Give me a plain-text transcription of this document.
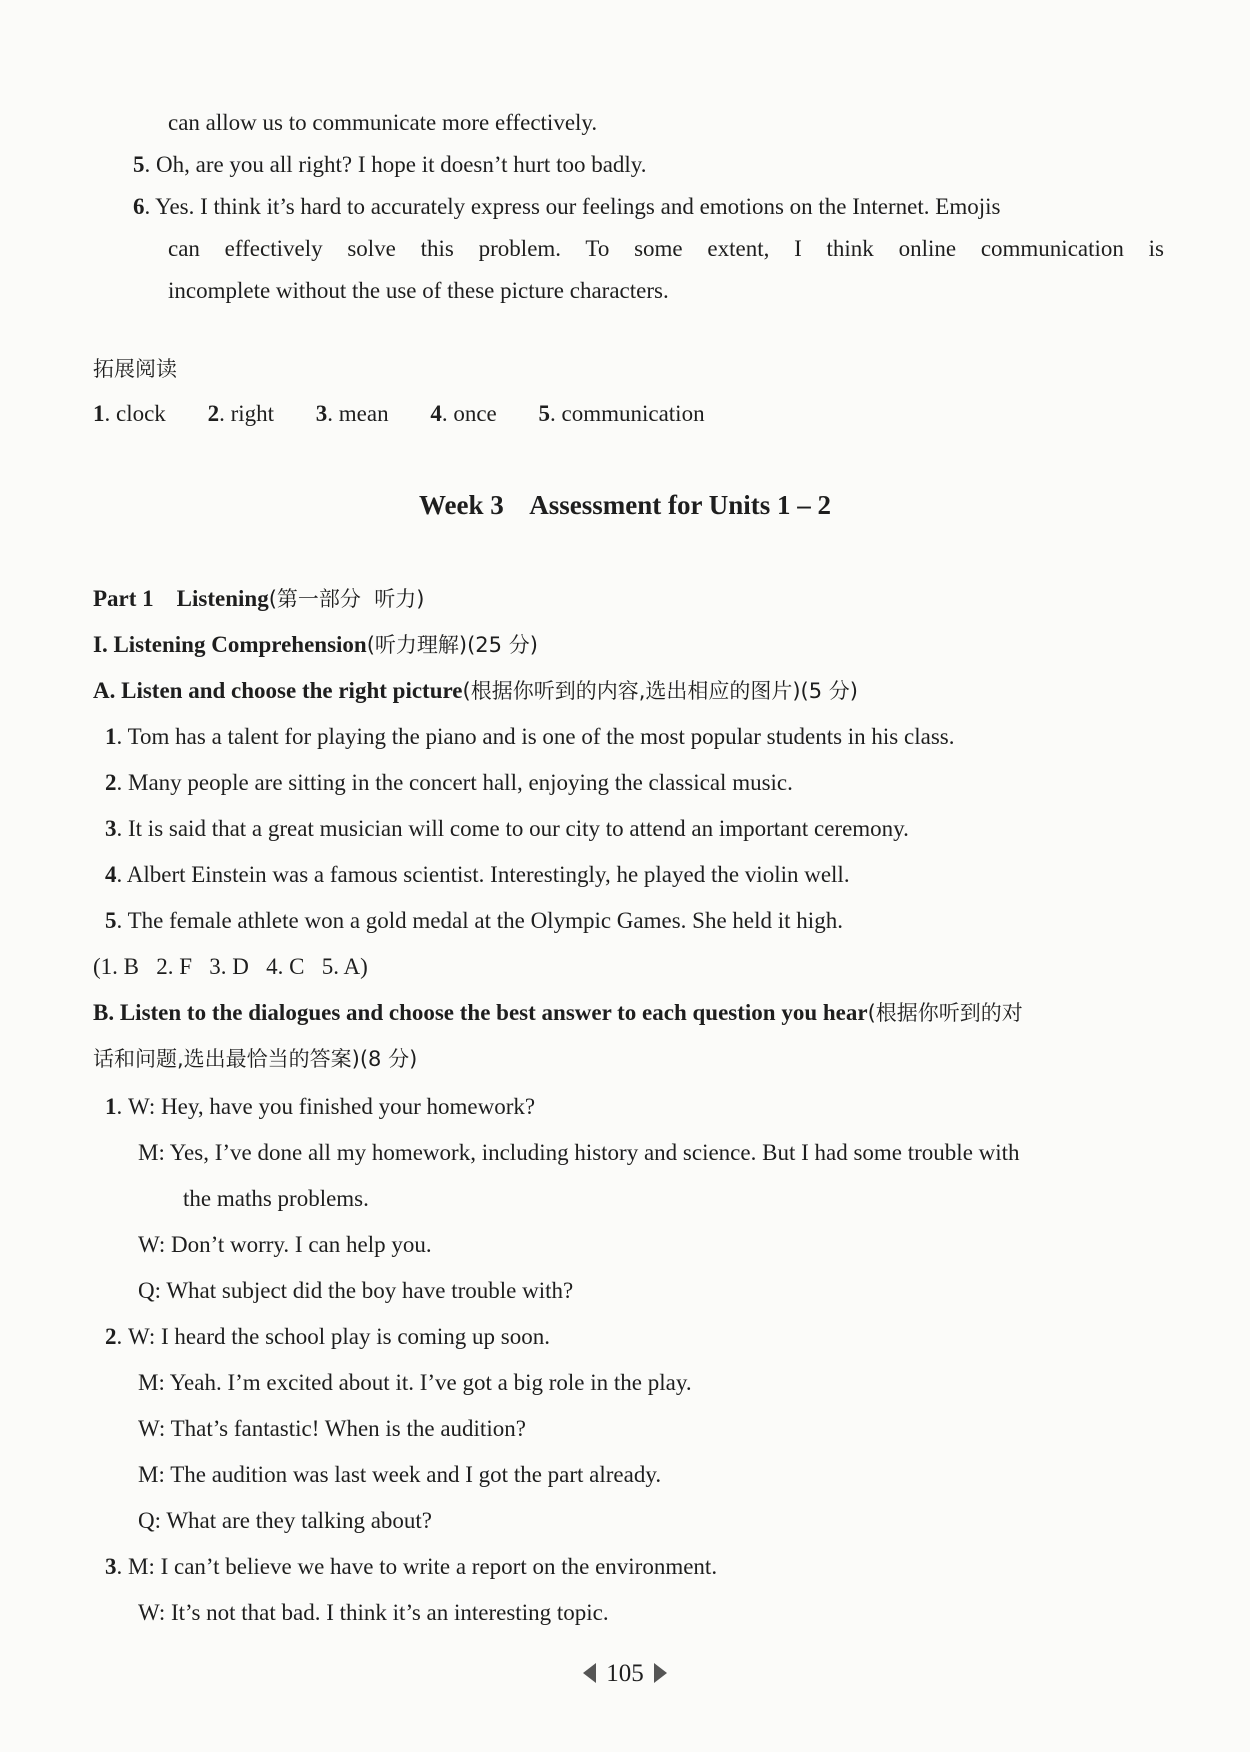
can allow us to communicate more effectively.
5. Oh, are you all right? I hope it doesn’t hurt too badly.
6. Yes. I think it’s hard to accurately express our feelings and emotions on the Internet. Emojis
can effectively solve this problem. To some extent, I think online communication is
incomplete without the use of these picture characters.
拓展阅读
1. clock 2. right 3. mean 4. once 5. communication
Week 3    Assessment for Units 1 – 2
Part 1    Listening(第一部分  听力)
I. Listening Comprehension(听力理解)(25 分)
A. Listen and choose the right picture(根据你听到的内容,选出相应的图片)(5 分)
1. Tom has a talent for playing the piano and is one of the most popular students in his class.
2. Many people are sitting in the concert hall, enjoying the classical music.
3. It is said that a great musician will come to our city to attend an important ceremony.
4. Albert Einstein was a famous scientist. Interestingly, he played the violin well.
5. The female athlete won a gold medal at the Olympic Games. She held it high.
(1. B   2. F   3. D   4. C   5. A)
B. Listen to the dialogues and choose the best answer to each question you hear(根据你听到的对
话和问题,选出最恰当的答案)(8 分)
1. W: Hey, have you finished your homework?
M: Yes, I’ve done all my homework, including history and science. But I had some trouble with
the maths problems.
W: Don’t worry. I can help you.
Q: What subject did the boy have trouble with?
2. W: I heard the school play is coming up soon.
M: Yeah. I’m excited about it. I’ve got a big role in the play.
W: That’s fantastic! When is the audition?
M: The audition was last week and I got the part already.
Q: What are they talking about?
3. M: I can’t believe we have to write a report on the environment.
W: It’s not that bad. I think it’s an interesting topic.
105
